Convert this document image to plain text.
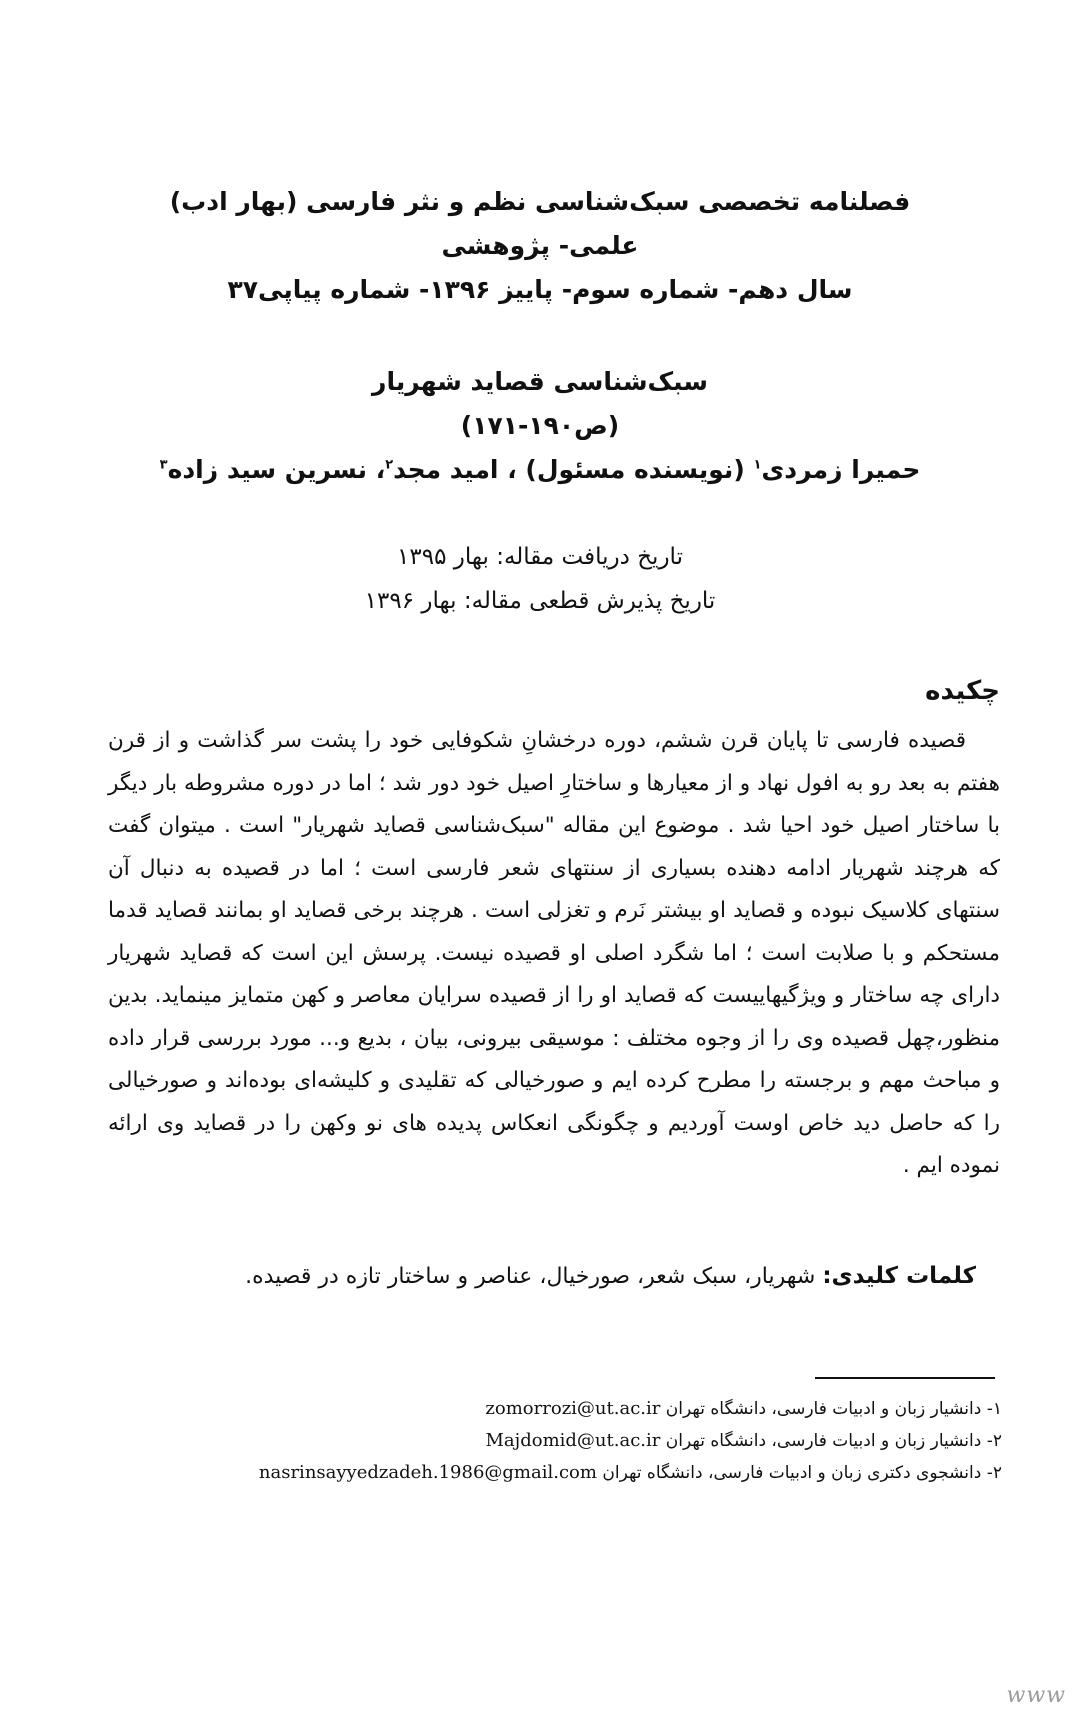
فصلنامه تخصصی سبک‌شناسی نظم و نثر فارسی (بهار ادب)
علمی- پژوهشی
سال دهم- شماره سوم- پاییز ۱۳۹۶- شماره پیاپی۳۷
سبک‌شناسی قصاید شهریار
(ص۱۹۰-۱۷۱)
حمیرا زمردی$^۱$ (نویسنده مسئول) ، امید مجد$^۲$، نسرین سید زاده$^۳$
تاریخ دریافت مقاله: بهار ۱۳۹۵
تاریخ پذیرش قطعی مقاله: بهار ۱۳۹۶
چکیده
قصیده فارسی تا پایان قرن ششم، دوره درخشانِ شکوفایی خود را پشت سر گذاشت و از قرن هفتم به بعد رو به افول نهاد و از معیارها و ساختارِ اصیل خود دور شد ؛ اما در دوره مشروطه بار دیگر با ساختار اصیل خود احیا شد . موضوع این مقاله "سبک‌شناسی قصاید شهریار" است . میتوان گفت که هرچند شهریار ادامه دهنده بسیاری از سنتهای شعر فارسی است ؛ اما در قصیده به دنبال آن سنتهای کلاسیک نبوده و قصاید او بیشتر نَرم و تغزلی است . هرچند برخی قصاید او بمانند قصاید قدما مستحکم و با صلابت است ؛ اما شگرد اصلی او قصیده نیست. پرسش این است که قصاید شهریار دارای چه ساختار و ویژگیهاییست که قصاید او را از قصیده سرایان معاصر و کهن متمایز مینماید. بدین منظور،چهل قصیده وی را از وجوه مختلف : موسیقی بیرونی، بیان ، بدیع و... مورد بررسی قرار داده و مباحث مهم و برجسته را مطرح کرده ایم و صورخیالی که تقلیدی و کلیشه‌ای بوده‌اند و صورخیالی را که حاصل دید خاص اوست آوردیم و چگونگی انعکاس پدیده های نو وکهن را در قصاید وی ارائه نموده ایم .
کلمات کلیدی: شهریار، سبک شعر، صورخیال، عناصر و ساختار تازه در قصیده.
۱- دانشیار زبان و ادبیات فارسی، دانشگاه تهران zomorrozi@ut.ac.ir
۲- دانشیار زبان و ادبیات فارسی، دانشگاه تهران Majdomid@ut.ac.ir
۲- دانشجوی دکتری زبان و ادبیات فارسی، دانشگاه تهران nasrinsayyedzadeh.1986@gmail.com
www
